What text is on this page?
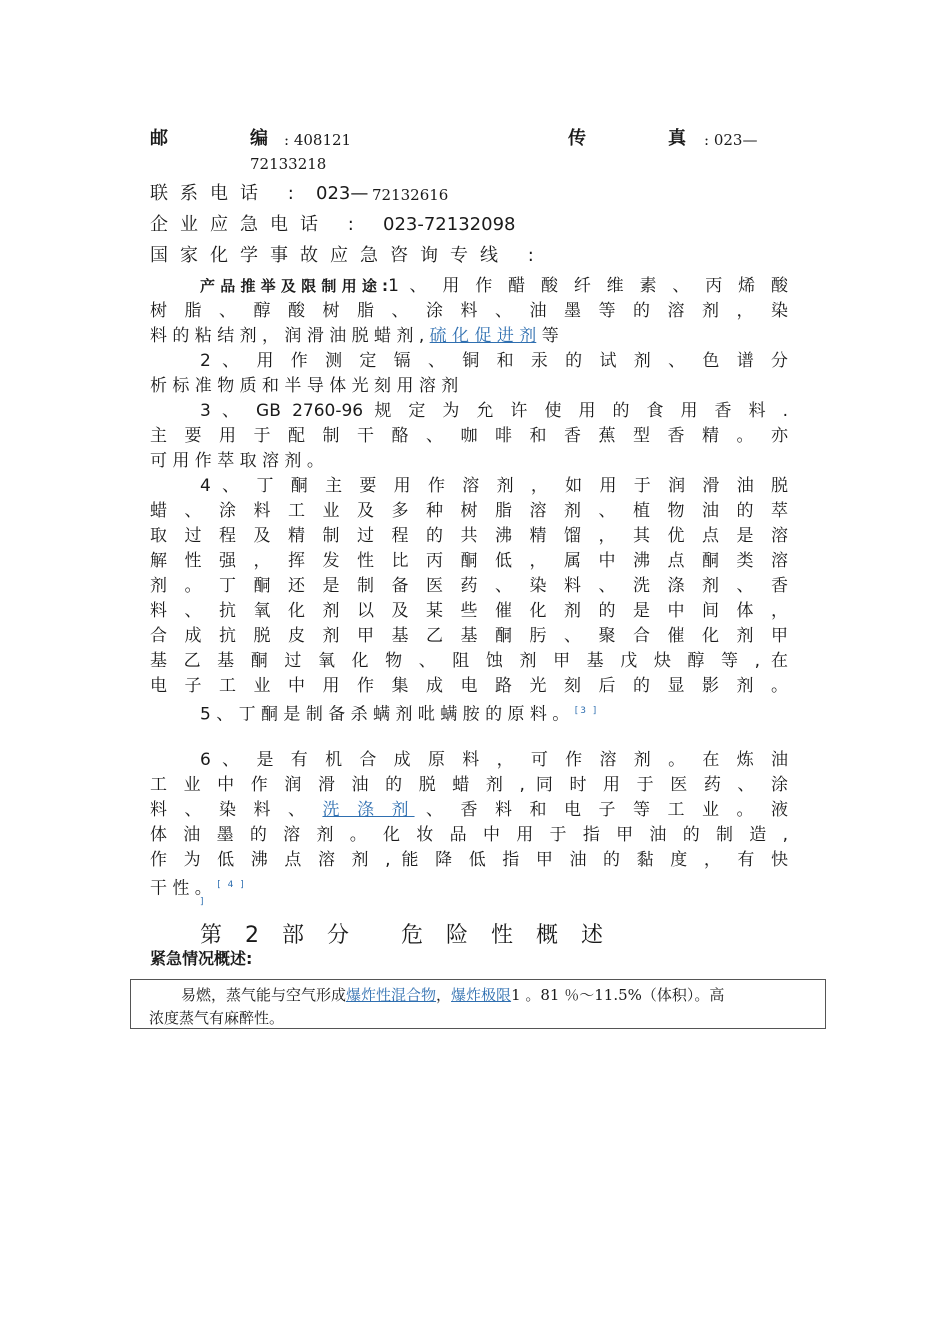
邮	编 : 408121	传	真 : 023—
72133218
联系电话 : 023— 72132616
企业应急电话 : 023-72132098
国家化学事故应急咨询专线 :
产品推举及限制用途:1 、 用 作 醋 酸 纤 维 素 、 丙 烯 酸
树 脂 、 醇 酸 树 脂 、 涂 料 、 油 墨 等 的 溶 剂 ， 染
料 的 粘 结 剂 ， 润 滑 油 脱 蜡 剂 , 硫 化 促 进 剂 等
2 、 用 作 测 定 镉 、 铜 和 汞 的 试 剂 、 色 谱 分
析 标 准 物 质 和 半 导 体 光 刻 用 溶 剂
3 、 GB 2760-96 规 定 为 允 许 使 用 的 食 用 香 料 .
主 要 用 于 配 制 干 酪 、 咖 啡 和 香 蕉 型 香 精 。 亦
可 用 作 萃 取 溶 剂 。
4 、 丁 酮 主 要 用 作 溶 剂 ， 如 用 于 润 滑 油 脱
蜡 、 涂 料 工 业 及 多 种 树 脂 溶 剂 、 植 物 油 的 萃
取 过 程 及 精 制 过 程 的 共 沸 精 馏 ， 其 优 点 是 溶
解 性 强 ， 挥 发 性 比 丙 酮 低 ， 属 中 沸 点 酮 类 溶
剂 。 丁 酮 还 是 制 备 医 药 、 染 料 、 洗 涤 剂 、 香
料 、 抗 氧 化 剂 以 及 某 些 催 化 剂 的 是 中 间 体 ，
合 成 抗 脱 皮 剂 甲 基 乙 基 酮 肟 、 聚 合 催 化 剂 甲
基 乙 基 酮 过 氧 化 物 、 阻 蚀 剂 甲 基 戊 炔 醇 等 , 在
电 子 工 业 中 用 作 集 成 电 路 光 刻 后 的 显 影 剂 。
5 、 丁 酮 是 制 备 杀 螨 剂 吡 螨 胺 的 原 料 。 [3 ]
6 、 是 有 机 合 成 原 料 ， 可 作 溶 剂 。 在 炼 油
工 业 中 作 润 滑 油 的 脱 蜡 剂 , 同 时 用 于 医 药 、 涂
料 、 染 料 、 洗 涤 剂 、 香 料 和 电 子 等 工 业 。 液
体 油 墨 的 溶 剂 。 化 妆 品 中 用 于 指 甲 油 的 制 造 ,
作 为 低 沸 点 溶 剂 , 能 降 低 指 甲 油 的 黏 度 ， 有 快
干 性 。 [ 4 ]
]
第 2 部 分 危 险 性 概 述
紧急情况概述:
易燃，蒸气能与空气形成爆炸性混合物，爆炸极限1 。81 ％～11.5%（体积）。高
浓度蒸气有麻醉性。
